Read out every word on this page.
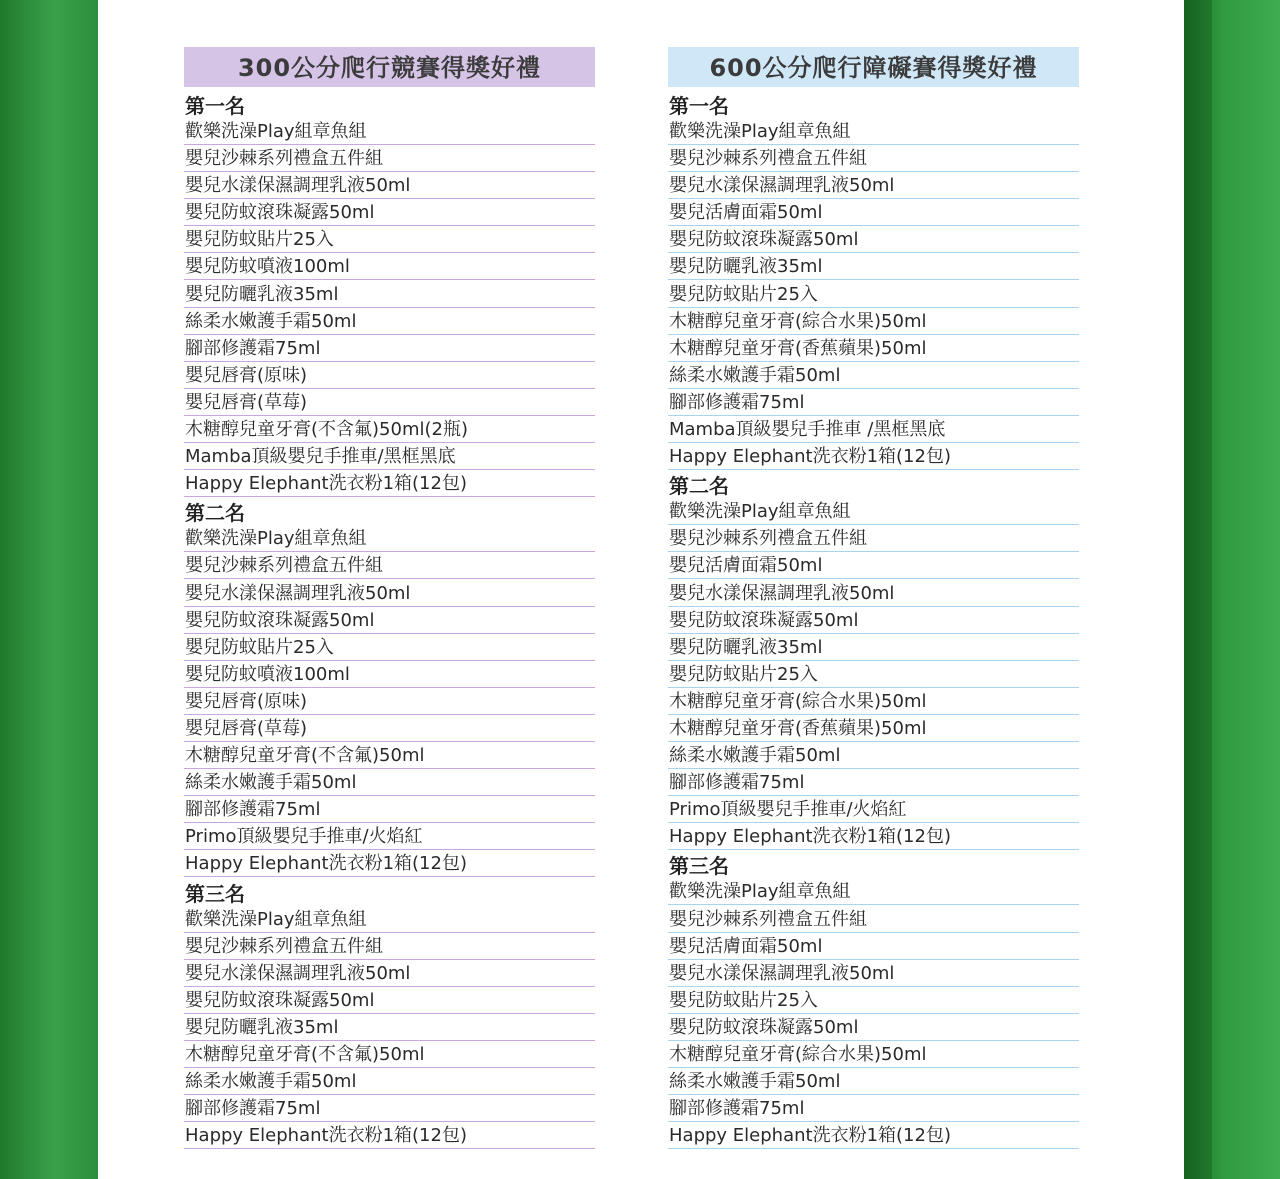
300公分爬行競賽得獎好禮
第一名
歡樂洗澡Play組章魚組
嬰兒沙棘系列禮盒五件組
嬰兒水漾保濕調理乳液50ml
嬰兒防蚊滾珠凝露50ml
嬰兒防蚊貼片25入
嬰兒防蚊噴液100ml
嬰兒防曬乳液35ml
絲柔水嫩護手霜50ml
腳部修護霜75ml
嬰兒唇膏(原味)
嬰兒唇膏(草莓)
木糖醇兒童牙膏(不含氟)50ml(2瓶)
Mamba頂級嬰兒手推車/黑框黑底
Happy Elephant洗衣粉1箱(12包)
第二名
歡樂洗澡Play組章魚組
嬰兒沙棘系列禮盒五件組
嬰兒水漾保濕調理乳液50ml
嬰兒防蚊滾珠凝露50ml
嬰兒防蚊貼片25入
嬰兒防蚊噴液100ml
嬰兒唇膏(原味)
嬰兒唇膏(草莓)
木糖醇兒童牙膏(不含氟)50ml
絲柔水嫩護手霜50ml
腳部修護霜75ml
Primo頂級嬰兒手推車/火焰紅
Happy Elephant洗衣粉1箱(12包)
第三名
歡樂洗澡Play組章魚組
嬰兒沙棘系列禮盒五件組
嬰兒水漾保濕調理乳液50ml
嬰兒防蚊滾珠凝露50ml
嬰兒防曬乳液35ml
木糖醇兒童牙膏(不含氟)50ml
絲柔水嫩護手霜50ml
腳部修護霜75ml
Happy Elephant洗衣粉1箱(12包)
600公分爬行障礙賽得獎好禮
第一名
歡樂洗澡Play組章魚組
嬰兒沙棘系列禮盒五件組
嬰兒水漾保濕調理乳液50ml
嬰兒活膚面霜50ml
嬰兒防蚊滾珠凝露50ml
嬰兒防曬乳液35ml
嬰兒防蚊貼片25入
木糖醇兒童牙膏(綜合水果)50ml
木糖醇兒童牙膏(香蕉蘋果)50ml
絲柔水嫩護手霜50ml
腳部修護霜75ml
Mamba頂級嬰兒手推車 /黑框黑底
Happy Elephant洗衣粉1箱(12包)
第二名
歡樂洗澡Play組章魚組
嬰兒沙棘系列禮盒五件組
嬰兒活膚面霜50ml
嬰兒水漾保濕調理乳液50ml
嬰兒防蚊滾珠凝露50ml
嬰兒防曬乳液35ml
嬰兒防蚊貼片25入
木糖醇兒童牙膏(綜合水果)50ml
木糖醇兒童牙膏(香蕉蘋果)50ml
絲柔水嫩護手霜50ml
腳部修護霜75ml
Primo頂級嬰兒手推車/火焰紅
Happy Elephant洗衣粉1箱(12包)
第三名
歡樂洗澡Play組章魚組
嬰兒沙棘系列禮盒五件組
嬰兒活膚面霜50ml
嬰兒水漾保濕調理乳液50ml
嬰兒防蚊貼片25入
嬰兒防蚊滾珠凝露50ml
木糖醇兒童牙膏(綜合水果)50ml
絲柔水嫩護手霜50ml
腳部修護霜75ml
Happy Elephant洗衣粉1箱(12包)
